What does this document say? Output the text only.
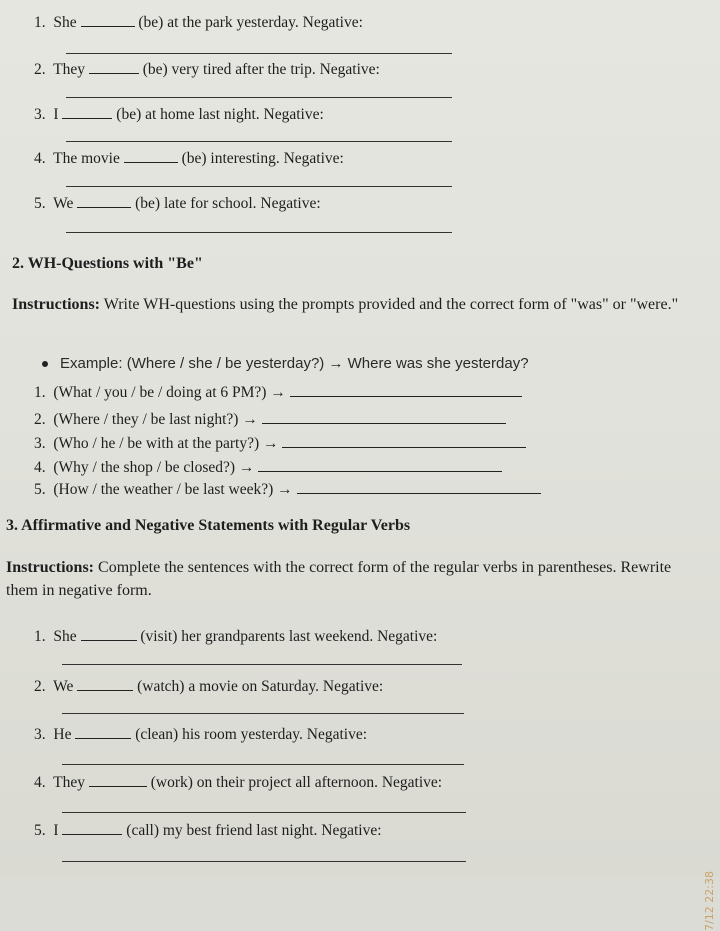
1. She	(be) at the park yesterday. Negative:
2. They	(be) very tired after the trip. Negative:
3. I	(be) at home last night. Negative:
4. The movie	(be) interesting. Negative:
5. We	(be) late for school. Negative:
2. WH-Questions with "Be"
Instructions: Write WH-questions using the prompts provided and the correct form of "was" or "were."
Example: (Where / she / be yesterday?) → Where was she yesterday?
1. (What / you / be / doing at 6 PM?) →
2. (Where / they / be last night?) →
3. (Who / he / be with at the party?) →
4. (Why / the shop / be closed?) →
5. (How / the weather / be last week?) →
3. Affirmative and Negative Statements with Regular Verbs
Instructions: Complete the sentences with the correct form of the regular verbs in parentheses. Rewrite them in negative form.
1. She	(visit) her grandparents last weekend. Negative:
2. We	(watch) a movie on Saturday. Negative:
3. He	(clean) his room yesterday. Negative:
4. They	(work) on their project all afternoon. Negative:
5. I	(call) my best friend last night. Negative:
7/12 22:38
